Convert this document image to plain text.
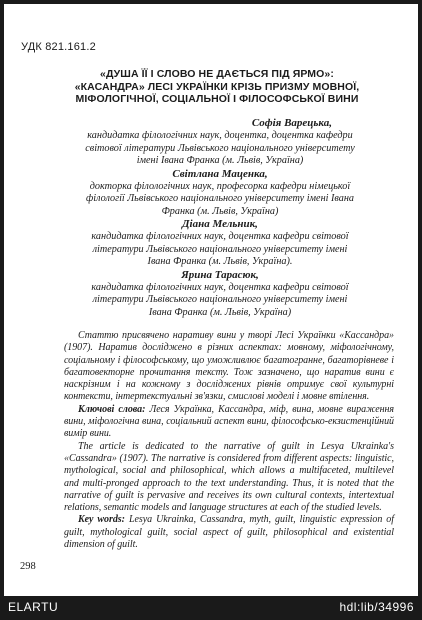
УДК 821.161.2
«ДУША ЇЇ І СЛОВО НЕ ДАЄТЬСЯ ПІД ЯРМО»:
«КАСАНДРА» ЛЕСІ УКРАЇНКИ КРІЗЬ ПРИЗМУ МОВНОЇ,
МІФОЛОГІЧНОЇ, СОЦІАЛЬНОЇ І ФІЛОСОФСЬКОЇ ВИНИ
Софія Варецька,
кандидатка філологічних наук, доцентка, доцентка кафедри
світової літератури Львівського національного університету
імені Івана Франка (м. Львів, Україна)
Світлана Маценка,
докторка філологічних наук, професорка кафедри німецької
філології Львівського національного університету імені Івана
Франка (м. Львів, Україна)
Діана Мельник,
кандидатка філологічних наук, доцентка кафедри світової
літератури Львівського національного університету імені
Івана Франка (м. Львів, Україна).
Ярина Тарасюк,
кандидатка філологічних наук, доцентка кафедри світової
літератури Львівського національного університету імені
Івана Франка (м. Львів, Україна)

Статтю присвячено наративу вини у творі Лесі Українки «Кассандра» (1907). Наратив досліджено в різних аспектах: мовному, міфологічному, соціальному і філософському, що уможливлює багатогранне, багаторівневе і багатовекторне прочитання тексту. Тож зазначено, що наратив вини є наскрізним і на кожному з досліджених рівнів отримує свої культурні контексти, інтертекстуальні зв'язки, смислові моделі і мовне втілення.

Ключові слова: Леся Українка, Кассандра, міф, вина, мовне вираження вини, міфологічна вина, соціальний аспект вини, філософсько-екзистенційний вимір вини.

The article is dedicated to the narrative of guilt in Lesya Ukrainka's «Cassandra» (1907). The narrative is considered from different aspects: linguistic, mythological, social and philosophical, which allows a multifaceted, multilevel and multi-pronged approach to the text understanding. Thus, it is noted that the narrative of guilt is pervasive and receives its own cultural contexts, intertextual relations, semantic models and language structures at each of the studied levels.

Key words: Lesya Ukrainka, Cassandra, myth, guilt, linguistic expression of guilt, mythological guilt, social aspect of guilt, philosophical and existential dimension of guilt.

298
ELARTU	hdl:lib/34996
